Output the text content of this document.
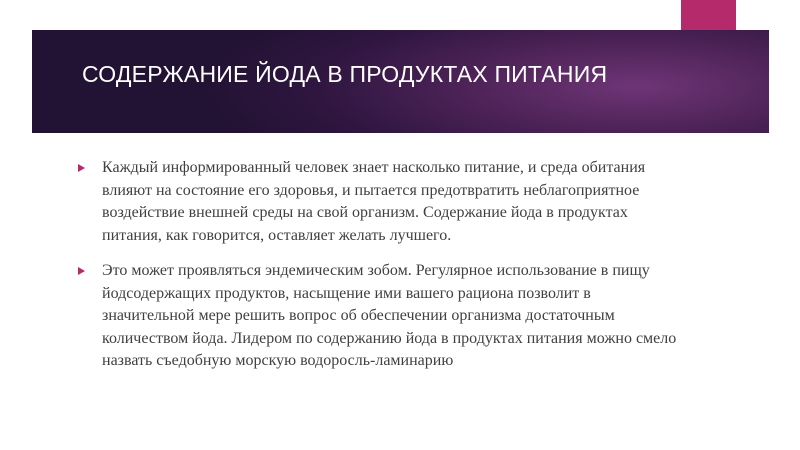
СОДЕРЖАНИЕ ЙОДА В ПРОДУКТАХ ПИТАНИЯ
Каждый информированный человек знает насколько питание, и среда обитания влияют на состояние его здоровья, и пытается предотвратить неблагоприятное воздействие внешней среды на свой организм. Содержание йода в продуктах питания, как говорится, оставляет желать лучшего.
Это может проявляться эндемическим зобом. Регулярное использование в пищу йодсодержащих продуктов, насыщение ими вашего рациона позволит в значительной мере решить вопрос об обеспечении организма достаточным количеством йода. Лидером по содержанию йода в продуктах питания можно смело назвать съедобную морскую водоросль-ламинарию
